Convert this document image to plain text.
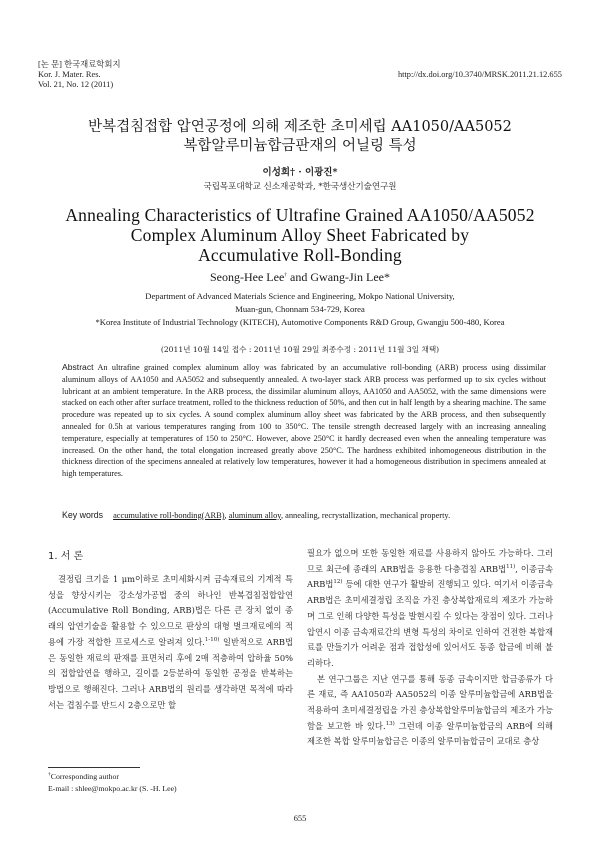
[논 문] 한국재료학회지
Kor. J. Mater. Res.
Vol. 21, No. 12 (2011)
http://dx.doi.org/10.3740/MRSK.2011.21.12.655
반복겹침접합 압연공정에 의해 제조한 초미세립 AA1050/AA5052
복합알루미늄합금판재의 어닐링 특성
이성희† · 이광진*
국립목포대학교 신소재공학과, *한국생산기술연구원
Annealing Characteristics of Ultrafine Grained AA1050/AA5052
Complex Aluminum Alloy Sheet Fabricated by
Accumulative Roll-Bonding
Seong-Hee Lee† and Gwang-Jin Lee*
Department of Advanced Materials Science and Engineering, Mokpo National University,
Muan-gun, Chonnam 534-729, Korea
*Korea Institute of Industrial Technology (KITECH), Automotive Components R&D Group, Gwangju 500-480, Korea
(2011년 10월 14일 접수 : 2011년 10월 29일 최종수정 : 2011년 11월 3일 채택)
Abstract An ultrafine grained complex aluminum alloy was fabricated by an accumulative roll-bonding (ARB) process using dissimilar aluminum alloys of AA1050 and AA5052 and subsequently annealed. A two-layer stack ARB process was performed up to six cycles without lubricant at an ambient temperature. In the ARB process, the dissimilar aluminum alloys, AA1050 and AA5052, with the same dimensions were stacked on each other after surface treatment, rolled to the thickness reduction of 50%, and then cut in half length by a shearing machine. The same procedure was repeated up to six cycles. A sound complex aluminum alloy sheet was fabricated by the ARB process, and then subsequently annealed for 0.5h at various temperatures ranging from 100 to 350°C. The tensile strength decreased largely with an increasing annealing temperature, especially at temperatures of 150 to 250°C. However, above 250°C it hardly decreased even when the annealing temperature was increased. On the other hand, the total elongation increased greatly above 250°C. The hardness exhibited inhomogeneous distribution in the thickness direction of the specimens annealed at relatively low temperatures, however it had a homogeneous distribution in specimens annealed at high temperatures.
Key words accumulative roll-bonding(ARB), aluminum alloy, annealing, recrystallization, mechanical property.
1. 서 론

결정립 크기을 1 μm이하로 초미세화시켜 금속재료의 기계적 특성을 향상시키는 강소성가공법 중의 하나인 반복겹침접합압연(Accumulative Roll Bonding, ARB)법은 다른 큰 장치 없이 종래의 압연기술을 활용할 수 있으므로 판상의 대형 벌크재료에의 적용에 가장 적합한 프로세스로 알려져 있다.$^{1-10)}$ 일반적으로 ARB법은 동일한 재료의 판재를 표면처리 후에 2매 적층하여 압하율 50%의 접합압연을 행하고, 길이를 2등분하여 동일한 공정을 반복하는 방법으로 행해진다. 그러나 ARB법의 원리를 생각하면 목적에 따라서는 겹침수를 반드시 2층으로만 할

†Corresponding author
E-mail : shlee@mokpo.ac.kr (S. -H. Lee)

필요가 없으며 또한 동일한 재료를 사용하지 않아도 가능하다. 그러므로 최근에 종래의 ARB법을 응용한 다층겹침 ARB법$^{11)}$, 이종금속 ARB법$^{12)}$ 등에 대한 연구가 활발히 진행되고 있다. 여기서 이종금속ARB법은 초미세결정립 조직을 가진 층상복합재료의 제조가 가능하며 그로 인해 다양한 특성을 발현시킬 수 있다는 장점이 있다. 그러나 압연시 이종 금속재료간의 변형 특성의 차이로 인하여 건전한 복합재료를 만들기가 어려운 점과 접합성에 있어서도 동종 합금에 비해 불리하다.

본 연구그룹은 지난 연구를 통해 동종 금속이지만 합금종류가 다른 재료, 즉 AA1050과 AA5052의 이종 알루미늄합금에 ARB법을 적용하여 초미세결정립을 가진 층상복합알루미늄합금의 제조가 가능함을 보고한 바 있다.$^{13)}$ 그런데 이종 알루미늄합금의 ARB에 의해 제조한 복합 알루미늄합금은 이종의 알루미늄합금이 교대로 층상

655
